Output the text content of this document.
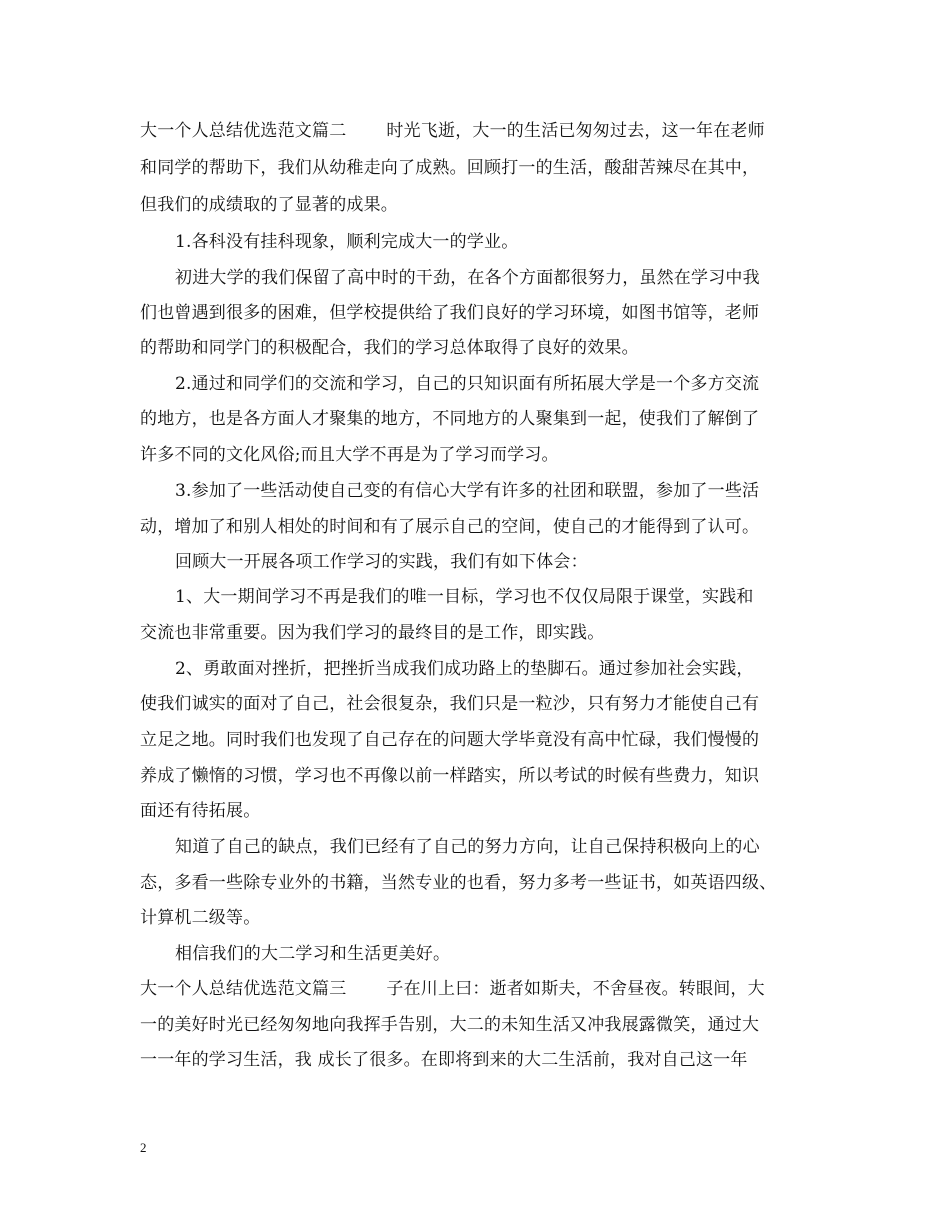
大一个人总结优选范文篇二 　　时光飞逝，大一的生活已匆匆过去，这一年在老师
和同学的帮助下，我们从幼稚走向了成熟。回顾打一的生活，酸甜苦辣尽在其中，
但我们的成绩取的了显著的成果。
1.各科没有挂科现象，顺利完成大一的学业。
初进大学的我们保留了高中时的干劲，在各个方面都很努力，虽然在学习中我
们也曾遇到很多的困难，但学校提供给了我们良好的学习环境，如图书馆等，老师
的帮助和同学门的积极配合，我们的学习总体取得了良好的效果。
2.通过和同学们的交流和学习，自己的只知识面有所拓展大学是一个多方交流
的地方，也是各方面人才聚集的地方，不同地方的人聚集到一起，使我们了解倒了
许多不同的文化风俗;而且大学不再是为了学习而学习。
3.参加了一些活动使自己变的有信心大学有许多的社团和联盟，参加了一些活
动，增加了和别人相处的时间和有了展示自己的空间，使自己的才能得到了认可。
回顾大一开展各项工作学习的实践，我们有如下体会：
1、大一期间学习不再是我们的唯一目标，学习也不仅仅局限于课堂，实践和
交流也非常重要。因为我们学习的最终目的是工作，即实践。
2、勇敢面对挫折，把挫折当成我们成功路上的垫脚石。通过参加社会实践，
使我们诚实的面对了自己，社会很复杂，我们只是一粒沙，只有努力才能使自己有
立足之地。同时我们也发现了自己存在的问题大学毕竟没有高中忙碌，我们慢慢的
养成了懒惰的习惯，学习也不再像以前一样踏实，所以考试的时候有些费力，知识
面还有待拓展。
知道了自己的缺点，我们已经有了自己的努力方向，让自己保持积极向上的心
态，多看一些除专业外的书籍，当然专业的也看，努力多考一些证书，如英语四级、
计算机二级等。
相信我们的大二学习和生活更美好。
大一个人总结优选范文篇三 　　子在川上曰：逝者如斯夫，不舍昼夜。转眼间，大
一的美好时光已经匆匆地向我挥手告别，大二的未知生活又冲我展露微笑，通过大
一一年的学习生活，我 成长了很多。在即将到来的大二生活前，我对自己这一年
2
